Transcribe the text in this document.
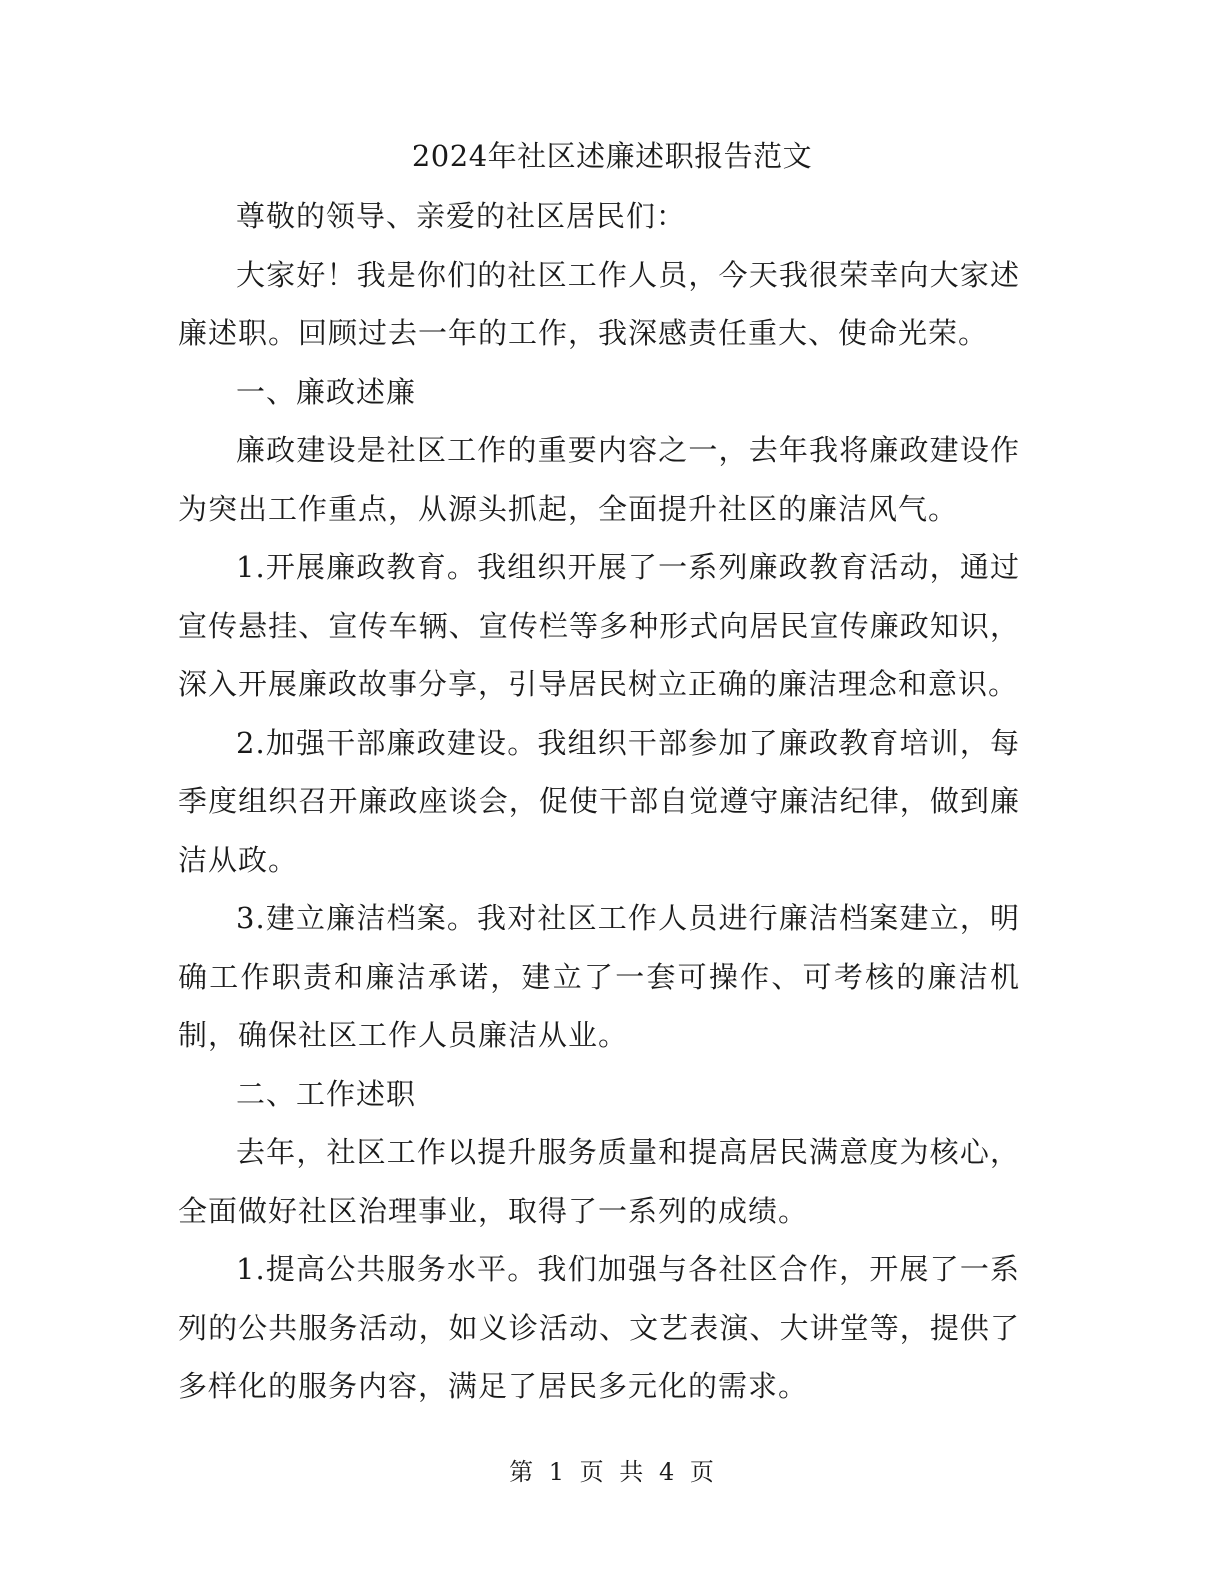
2024年社区述廉述职报告范文

尊敬的领导、亲爱的社区居民们：

大家好！我是你们的社区工作人员，今天我很荣幸向大家述廉述职。回顾过去一年的工作，我深感责任重大、使命光荣。

一、廉政述廉

廉政建设是社区工作的重要内容之一，去年我将廉政建设作为突出工作重点，从源头抓起，全面提升社区的廉洁风气。

1.开展廉政教育。我组织开展了一系列廉政教育活动，通过宣传悬挂、宣传车辆、宣传栏等多种形式向居民宣传廉政知识，深入开展廉政故事分享，引导居民树立正确的廉洁理念和意识。

2.加强干部廉政建设。我组织干部参加了廉政教育培训，每季度组织召开廉政座谈会，促使干部自觉遵守廉洁纪律，做到廉洁从政。

3.建立廉洁档案。我对社区工作人员进行廉洁档案建立，明确工作职责和廉洁承诺，建立了一套可操作、可考核的廉洁机制，确保社区工作人员廉洁从业。

二、工作述职

去年，社区工作以提升服务质量和提高居民满意度为核心，全面做好社区治理事业，取得了一系列的成绩。

1.提高公共服务水平。我们加强与各社区合作，开展了一系列的公共服务活动，如义诊活动、文艺表演、大讲堂等，提供了多样化的服务内容，满足了居民多元化的需求。

第 1 页 共 4 页
